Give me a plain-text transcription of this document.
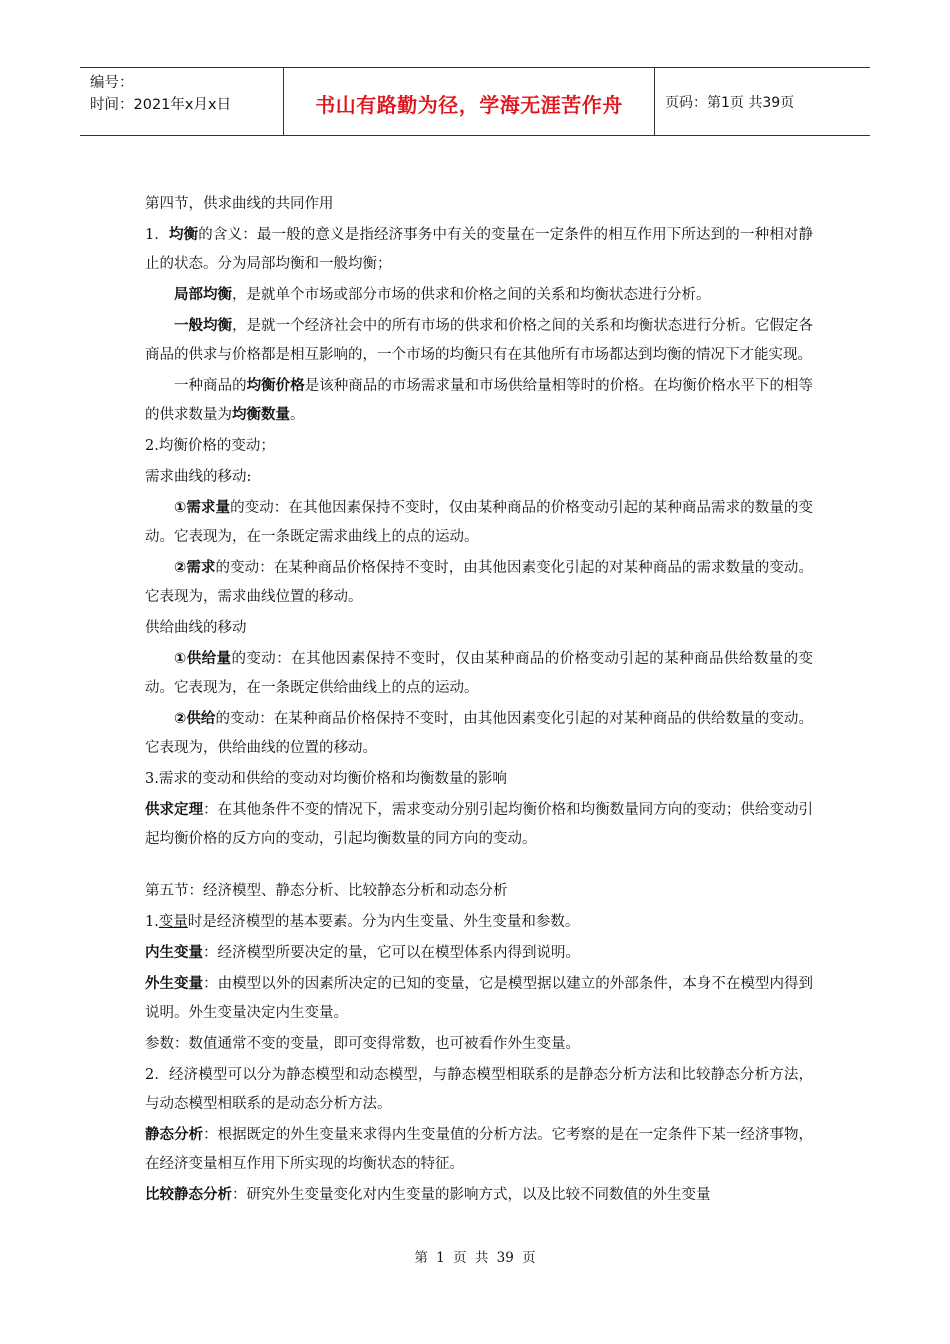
编号：
时间：2021年x月x日	书山有路勤为径，学海无涯苦作舟	页码：第1页 共39页

第四节，供求曲线的共同作用

1．均衡的含义：最一般的意义是指经济事务中有关的变量在一定条件的相互作用下所达到的一种相对静止的状态。分为局部均衡和一般均衡；

局部均衡，是就单个市场或部分市场的供求和价格之间的关系和均衡状态进行分析。

一般均衡，是就一个经济社会中的所有市场的供求和价格之间的关系和均衡状态进行分析。它假定各商品的供求与价格都是相互影响的，一个市场的均衡只有在其他所有市场都达到均衡的情况下才能实现。

一种商品的均衡价格是该种商品的市场需求量和市场供给量相等时的价格。在均衡价格水平下的相等的供求数量为均衡数量。

2.均衡价格的变动；

需求曲线的移动:

①需求量的变动：在其他因素保持不变时，仅由某种商品的价格变动引起的某种商品需求的数量的变动。它表现为，在一条既定需求曲线上的点的运动。

②需求的变动：在某种商品价格保持不变时，由其他因素变化引起的对某种商品的需求数量的变动。它表现为，需求曲线位置的移动。

供给曲线的移动

①供给量的变动：在其他因素保持不变时，仅由某种商品的价格变动引起的某种商品供给数量的变动。它表现为，在一条既定供给曲线上的点的运动。

②供给的变动：在某种商品价格保持不变时，由其他因素变化引起的对某种商品的供给数量的变动。它表现为，供给曲线的位置的移动。

3.需求的变动和供给的变动对均衡价格和均衡数量的影响

供求定理：在其他条件不变的情况下，需求变动分别引起均衡价格和均衡数量同方向的变动；供给变动引起均衡价格的反方向的变动，引起均衡数量的同方向的变动。

第五节：经济模型、静态分析、比较静态分析和动态分析

1.变量时是经济模型的基本要素。分为内生变量、外生变量和参数。

内生变量：经济模型所要决定的量，它可以在模型体系内得到说明。

外生变量：由模型以外的因素所决定的已知的变量，它是模型据以建立的外部条件，本身不在模型内得到说明。外生变量决定内生变量。

参数：数值通常不变的变量，即可变得常数，也可被看作外生变量。

2．经济模型可以分为静态模型和动态模型，与静态模型相联系的是静态分析方法和比较静态分析方法，与动态模型相联系的是动态分析方法。

静态分析：根据既定的外生变量来求得内生变量值的分析方法。它考察的是在一定条件下某一经济事物，在经济变量相互作用下所实现的均衡状态的特征。

比较静态分析：研究外生变量变化对内生变量的影响方式，以及比较不同数值的外生变量

第 1 页 共 39 页
